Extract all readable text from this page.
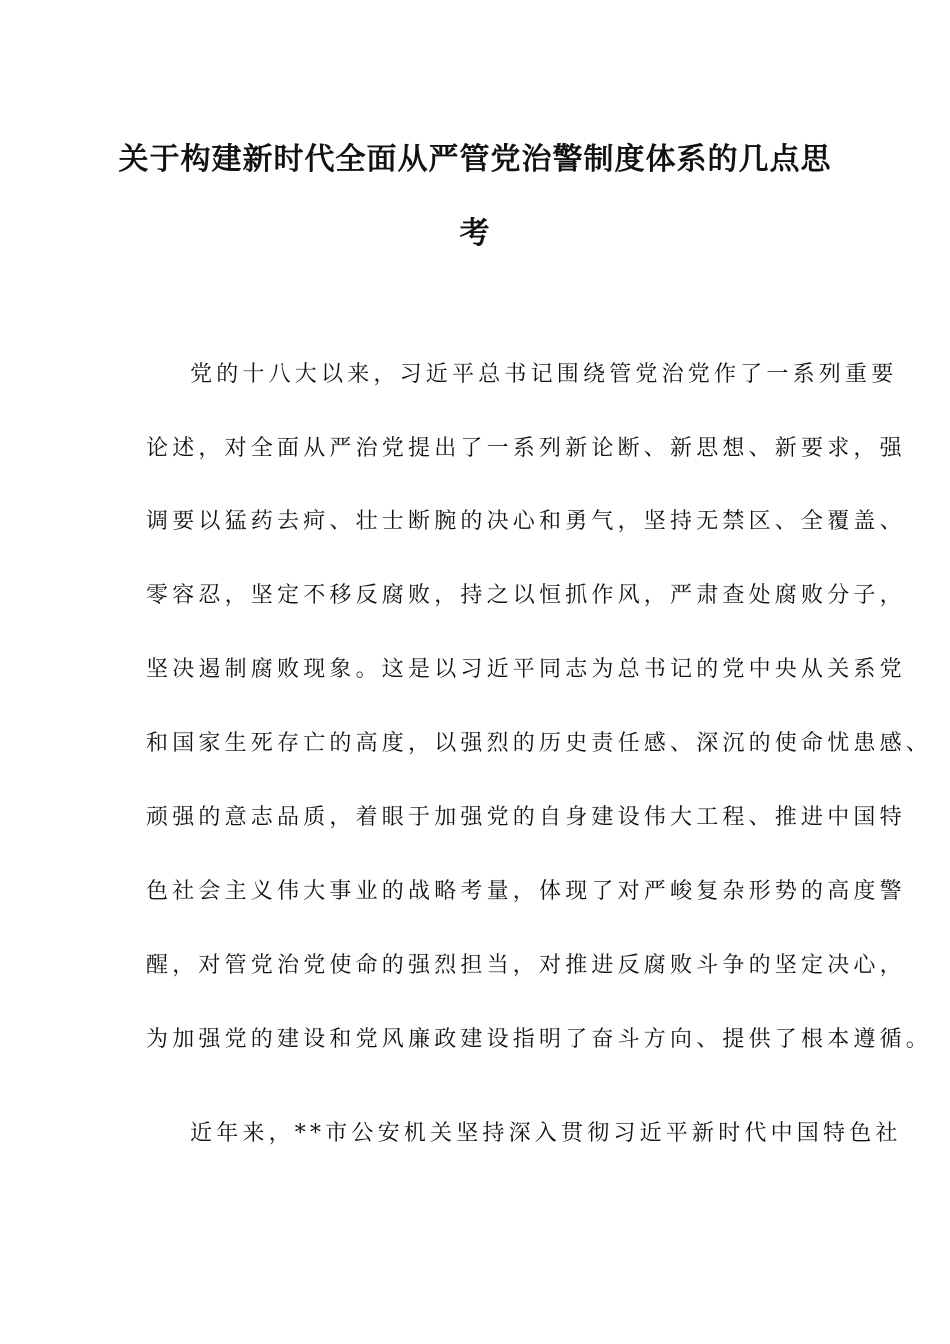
关于构建新时代全面从严管党治警制度体系的几点思
考
党的十八大以来，习近平总书记围绕管党治党作了一系列重要
论述，对全面从严治党提出了一系列新论断、新思想、新要求，强
调要以猛药去疴、壮士断腕的决心和勇气，坚持无禁区、全覆盖、
零容忍，坚定不移反腐败，持之以恒抓作风，严肃查处腐败分子，
坚决遏制腐败现象。这是以习近平同志为总书记的党中央从关系党
和国家生死存亡的高度，以强烈的历史责任感、深沉的使命忧患感、
顽强的意志品质，着眼于加强党的自身建设伟大工程、推进中国特
色社会主义伟大事业的战略考量，体现了对严峻复杂形势的高度警
醒，对管党治党使命的强烈担当，对推进反腐败斗争的坚定决心，
为加强党的建设和党风廉政建设指明了奋斗方向、提供了根本遵循。
近年来，**市公安机关坚持深入贯彻习近平新时代中国特色社
